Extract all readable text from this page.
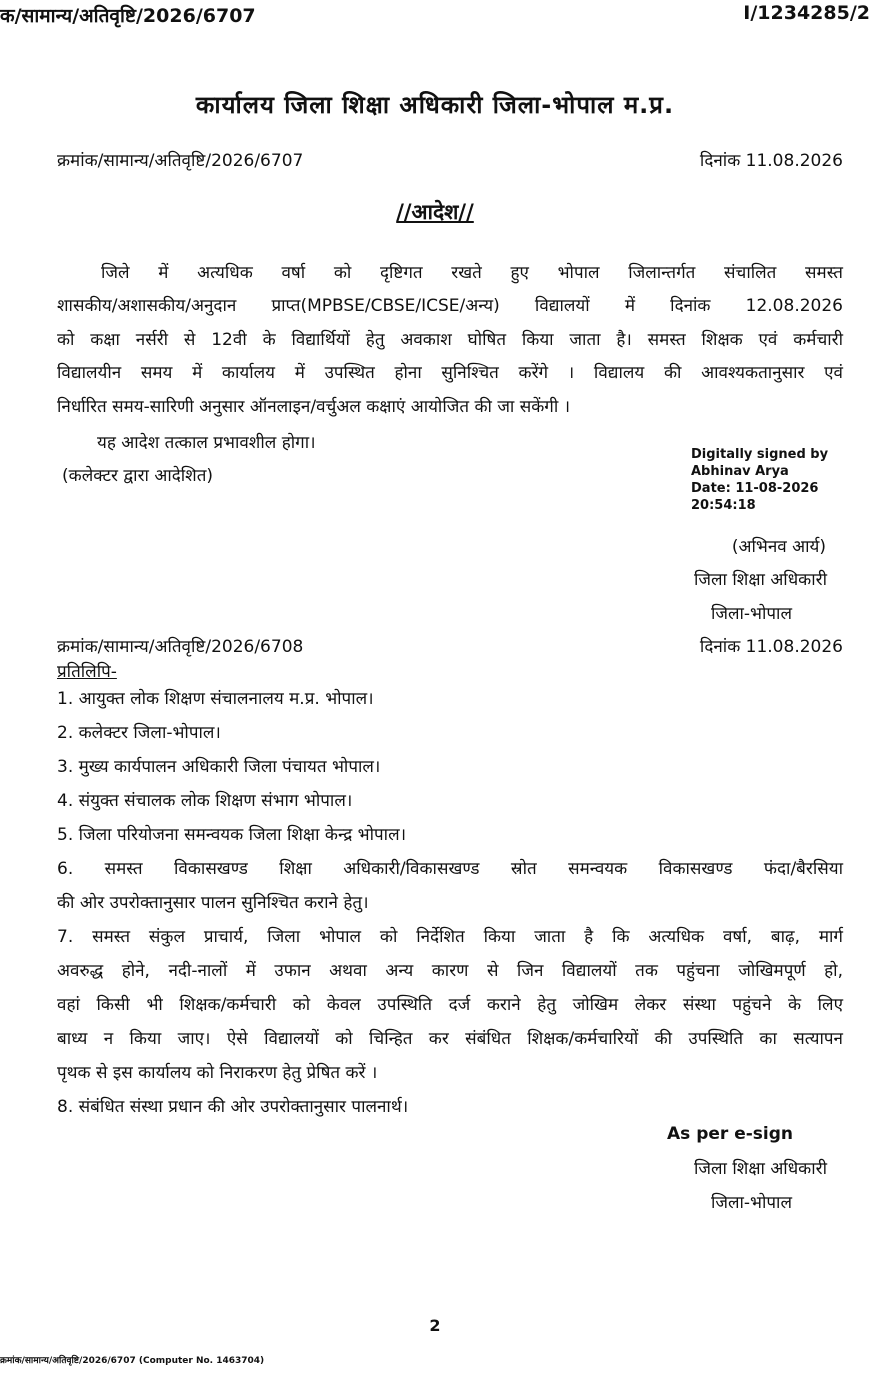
क/सामान्य/अतिवृष्टि/2026/6707	I/1234285/2
कार्यालय जिला शिक्षा अधिकारी जिला-भोपाल म.प्र.
क्रमांक/सामान्य/अतिवृष्टि/2026/6707	दिनांक 11.08.2026
//आदेश//
जिले में अत्यधिक वर्षा को दृष्टिगत रखते हुए भोपाल जिलान्तर्गत संचालित समस्त
शासकीय/अशासकीय/अनुदान प्राप्त(MPBSE/CBSE/ICSE/अन्य) विद्यालयों में दिनांक 12.08.2026
को कक्षा नर्सरी से 12वी के विद्यार्थियों हेतु अवकाश घोषित किया जाता है। समस्त शिक्षक एवं कर्मचारी
विद्यालयीन समय में कार्यालय में उपस्थित होना सुनिश्चित करेंगे । विद्यालय की आवश्यकतानुसार एवं
निर्धारित समय-सारिणी अनुसार ऑनलाइन/वर्चुअल कक्षाएं आयोजित की जा सकेंगी ।
यह आदेश तत्काल प्रभावशील होगा।
(कलेक्टर द्वारा आदेशित)
Digitally signed by
Abhinav Arya
Date: 11-08-2026
20:54:18
(अभिनव आर्य)
जिला शिक्षा अधिकारी
जिला-भोपाल
क्रमांक/सामान्य/अतिवृष्टि/2026/6708	दिनांक 11.08.2026
प्रतिलिपि-
1. आयुक्त लोक शिक्षण संचालनालय म.प्र. भोपाल।
2. कलेक्टर जिला-भोपाल।
3. मुख्य कार्यपालन अधिकारी जिला पंचायत भोपाल।
4. संयुक्त संचालक लोक शिक्षण संभाग भोपाल।
5. जिला परियोजना समन्वयक जिला शिक्षा केन्द्र भोपाल।
6. समस्त विकासखण्ड शिक्षा अधिकारी/विकासखण्ड स्रोत समन्वयक विकासखण्ड फंदा/बैरसिया
की ओर उपरोक्तानुसार पालन सुनिश्चित कराने हेतु।
7. समस्त संकुल प्राचार्य, जिला भोपाल को निर्देशित किया जाता है कि अत्यधिक वर्षा, बाढ़, मार्ग
अवरुद्ध होने, नदी-नालों में उफान अथवा अन्य कारण से जिन विद्यालयों तक पहुंचना जोखिमपूर्ण हो,
वहां किसी भी शिक्षक/कर्मचारी को केवल उपस्थिति दर्ज कराने हेतु जोखिम लेकर संस्था पहुंचने के लिए
बाध्य न किया जाए। ऐसे विद्यालयों को चिन्हित कर संबंधित शिक्षक/कर्मचारियों की उपस्थिति का सत्यापन
पृथक से इस कार्यालय को निराकरण हेतु प्रेषित करें ।
8. संबंधित संस्था प्रधान की ओर उपरोक्तानुसार पालनार्थ।
As per e-sign
जिला शिक्षा अधिकारी
जिला-भोपाल
2
क्रमांक/सामान्य/अतिवृष्टि/2026/6707 (Computer No. 1463704)
